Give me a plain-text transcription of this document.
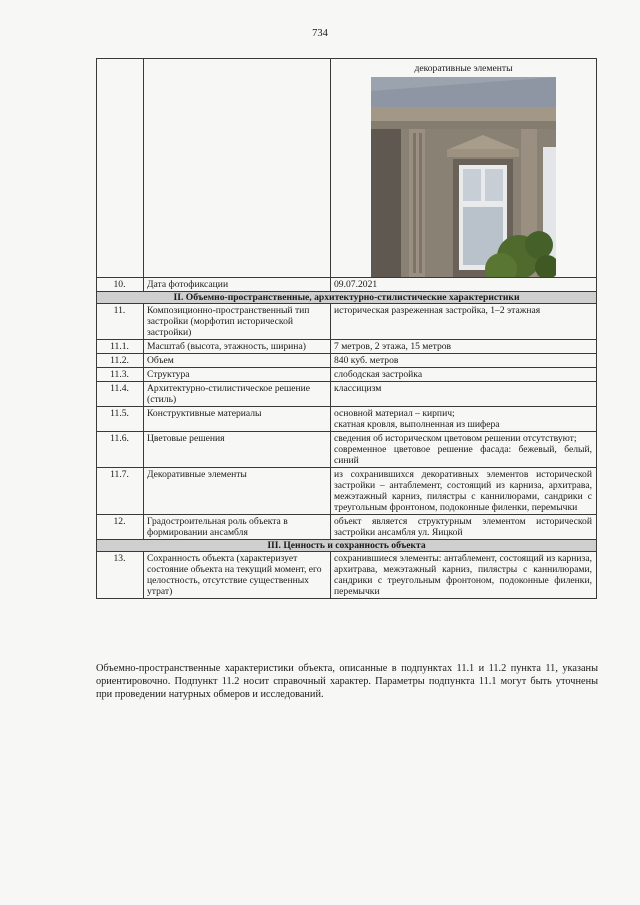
734

		декоративные элементы

10.	Дата фотофиксации	09.07.2021
II. Объемно-пространственные, архитектурно-стилистические характеристики		
11.	Композиционно-пространственный тип застройки (морфотип исторической застройки)	историческая разреженная застройка, 1–2 этажная
11.1.	Масштаб (высота, этажность, ширина)	7 метров, 2 этажа, 15 метров
11.2.	Объем	840 куб. метров
11.3.	Структура	слободская застройка
11.4.	Архитектурно-стилистическое решение (стиль)	классицизм
11.5.	Конструктивные материалы	основной материал – кирпич;
скатная кровля, выполненная из шифера

11.6.	Цветовые решения	сведения об историческом цветовом решении отсутствуют;
современное цветовое решение фасада: бежевый, белый, синий

11.7.	Декоративные элементы	из сохранившихся декоративных элементов исторической застройки – антаблемент, состоящий из карниза, архитрава, межэтажный карниз, пилястры с каннилюрами, сандрики с треугольным фронтоном, подоконные филенки, перемычки
12.	Градостроительная роль объекта в формировании ансамбля	объект является структурным элементом исторической застройки ансамбля ул. Яицкой
III. Ценность и сохранность объекта		
13.	Сохранность объекта (характеризует состояние объекта на текущий момент, его целостность, отсутствие существенных утрат)	сохранившиеся элементы: антаблемент, состоящий из карниза, архитрава, межэтажный карниз, пилястры с каннилюрами, сандрики с треугольным фронтоном, подоконные филенки, перемычки
Объемно-пространственные характеристики объекта, описанные в подпунктах 11.1 и 11.2 пункта 11, указаны ориентировочно. Подпункт 11.2 носит справочный характер. Параметры подпункта 11.1 могут быть уточнены при проведении натурных обмеров и исследований.
